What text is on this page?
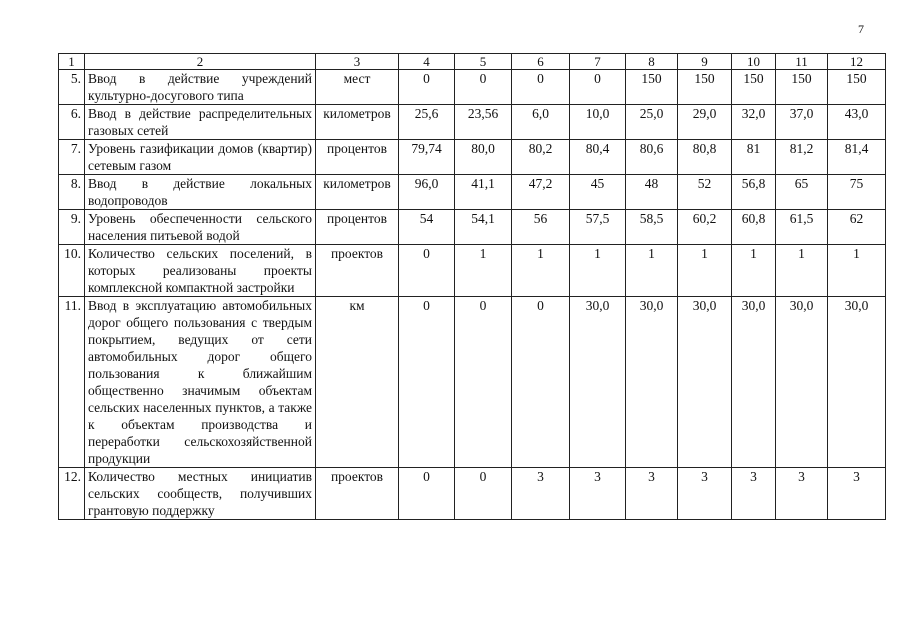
7
1	2	3	4	5	6	7	8	9	10	11	12
5.	Ввод в действие учреждений культурно-досугового типа	мест	0	0	0	0	150	150	150	150	150
6.	Ввод в действие распределительных газовых сетей	километров	25,6	23,56	6,0	10,0	25,0	29,0	32,0	37,0	43,0
7.	Уровень газификации домов (квартир) сетевым газом	процентов	79,74	80,0	80,2	80,4	80,6	80,8	81	81,2	81,4
8.	Ввод в действие локальных водопроводов	километров	96,0	41,1	47,2	45	48	52	56,8	65	75
9.	Уровень обеспеченности сельского населения питьевой водой	процентов	54	54,1	56	57,5	58,5	60,2	60,8	61,5	62
10.	Количество сельских поселений, в которых реализованы проекты комплексной компактной застройки	проектов	0	1	1	1	1	1	1	1	1
11.	Ввод в эксплуатацию автомобильных дорог общего пользования с твердым покрытием, ведущих от сети автомобильных дорог общего пользования к ближайшим общественно значимым объектам сельских населенных пунктов, а также к объектам производства и переработки сельскохозяйственной продукции	км	0	0	0	30,0	30,0	30,0	30,0	30,0	30,0
12.	Количество местных инициатив сельских сообществ, получивших грантовую поддержку	проектов	0	0	3	3	3	3	3	3	3
